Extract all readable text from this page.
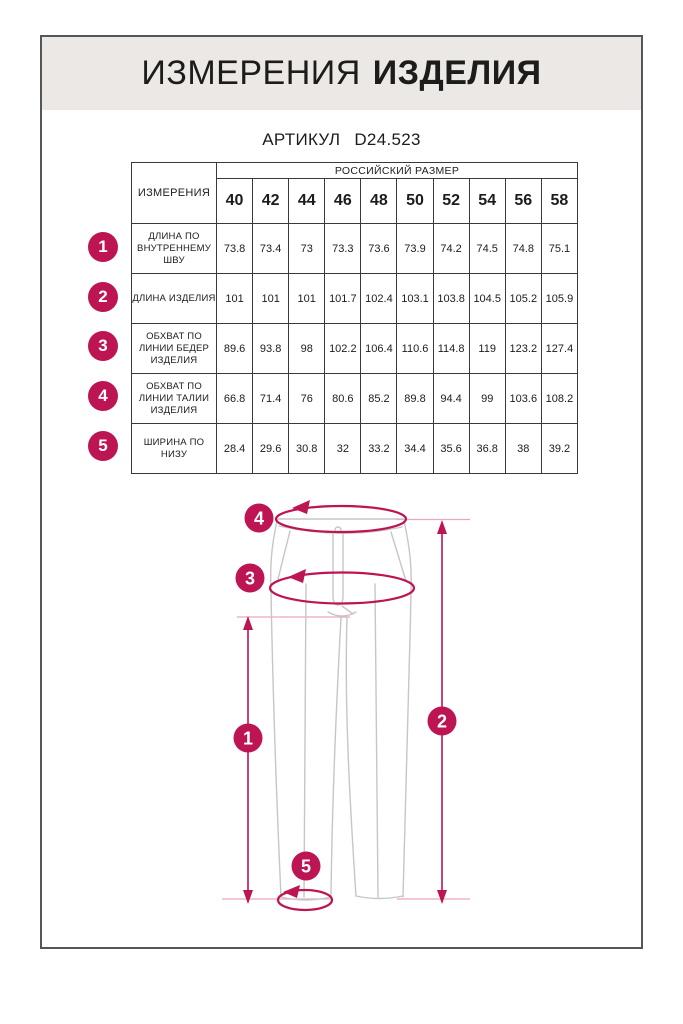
ИЗМЕРЕНИЯ ИЗДЕЛИЯ
АРТИКУЛ D24.523
ИЗМЕРЕНИЯ	РОССИЙСКИЙ РАЗМЕР									
	40	42	44	46	48	50	52	54	56	58
ДЛИНА ПО ВНУТРЕННЕМУ ШВУ	73.8	73.4	73	73.3	73.6	73.9	74.2	74.5	74.8	75.1
ДЛИНА ИЗДЕЛИЯ	101	101	101	101.7	102.4	103.1	103.8	104.5	105.2	105.9
ОБХВАТ ПО ЛИНИИ БЕДЕР ИЗДЕЛИЯ	89.6	93.8	98	102.2	106.4	110.6	114.8	119	123.2	127.4
ОБХВАТ ПО ЛИНИИ ТАЛИИ ИЗДЕЛИЯ	66.8	71.4	76	80.6	85.2	89.8	94.4	99	103.6	108.2
ШИРИНА ПО НИЗУ	28.4	29.6	30.8	32	33.2	34.4	35.6	36.8	38	39.2
1
2
3
4
5
4
3
1
2
5
